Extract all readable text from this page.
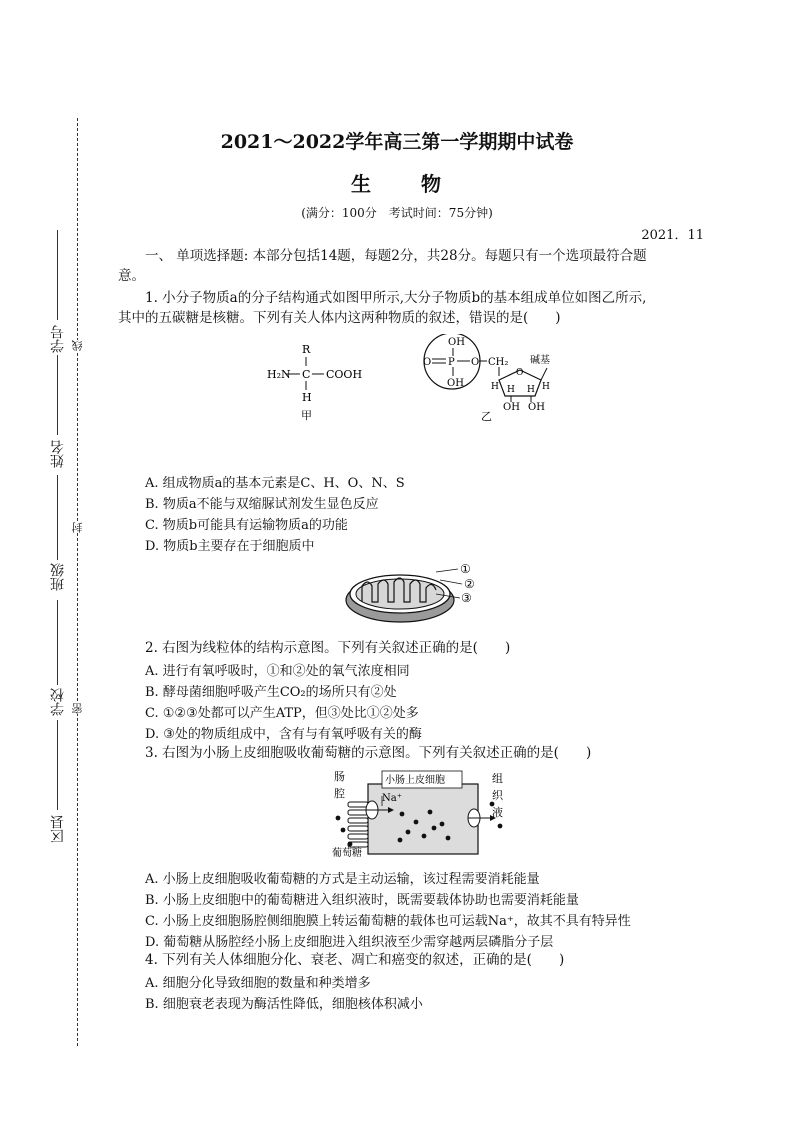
线
封
密
学号
姓名
班级
学校
区县
2021～2022学年高三第一学期期中试卷
生 物
(满分：100分　考试时间：75分钟)
2021．11
一、 单项选择题: 本部分包括14题，每题2分，共28分。每题只有一个选项最符合题
意。
1. 小分子物质a的分子结构通式如图甲所示,大分子物质b的基本组成单位如图乙所示,
其中的五碳糖是核糖。下列有关人体内这两种物质的叙述，错误的是(　　)
R
H₂N C COOH
H
甲
OH
O P O
OH
CH₂ 碱基
O
H H H H
OH OH
乙
A. 组成物质a的基本元素是C、H、O、N、S
B. 物质a不能与双缩脲试剂发生显色反应
C. 物质b可能具有运输物质a的功能
D. 物质b主要存在于细胞质中
①
②
③
2. 右图为线粒体的结构示意图。下列有关叙述正确的是(　　)
A. 进行有氧呼吸时，①和②处的氧气浓度相同
B. 酵母菌细胞呼吸产生CO₂的场所只有②处
C. ①②③处都可以产生ATP，但③处比①②处多
D. ③处的物质组成中，含有与有氧呼吸有关的酶
3. 右图为小肠上皮细胞吸收葡萄糖的示意图。下列有关叙述正确的是(　　)
肠
腔
小肠上皮细胞
Na⁺
葡萄糖
组
织
液
A. 小肠上皮细胞吸收葡萄糖的方式是主动运输，该过程需要消耗能量
B. 小肠上皮细胞中的葡萄糖进入组织液时，既需要载体协助也需要消耗能量
C. 小肠上皮细胞肠腔侧细胞膜上转运葡萄糖的载体也可运载Na⁺，故其不具有特异性
D. 葡萄糖从肠腔经小肠上皮细胞进入组织液至少需穿越两层磷脂分子层
4. 下列有关人体细胞分化、衰老、凋亡和癌变的叙述，正确的是(　　)
A. 细胞分化导致细胞的数量和种类增多
B. 细胞衰老表现为酶活性降低，细胞核体积减小
